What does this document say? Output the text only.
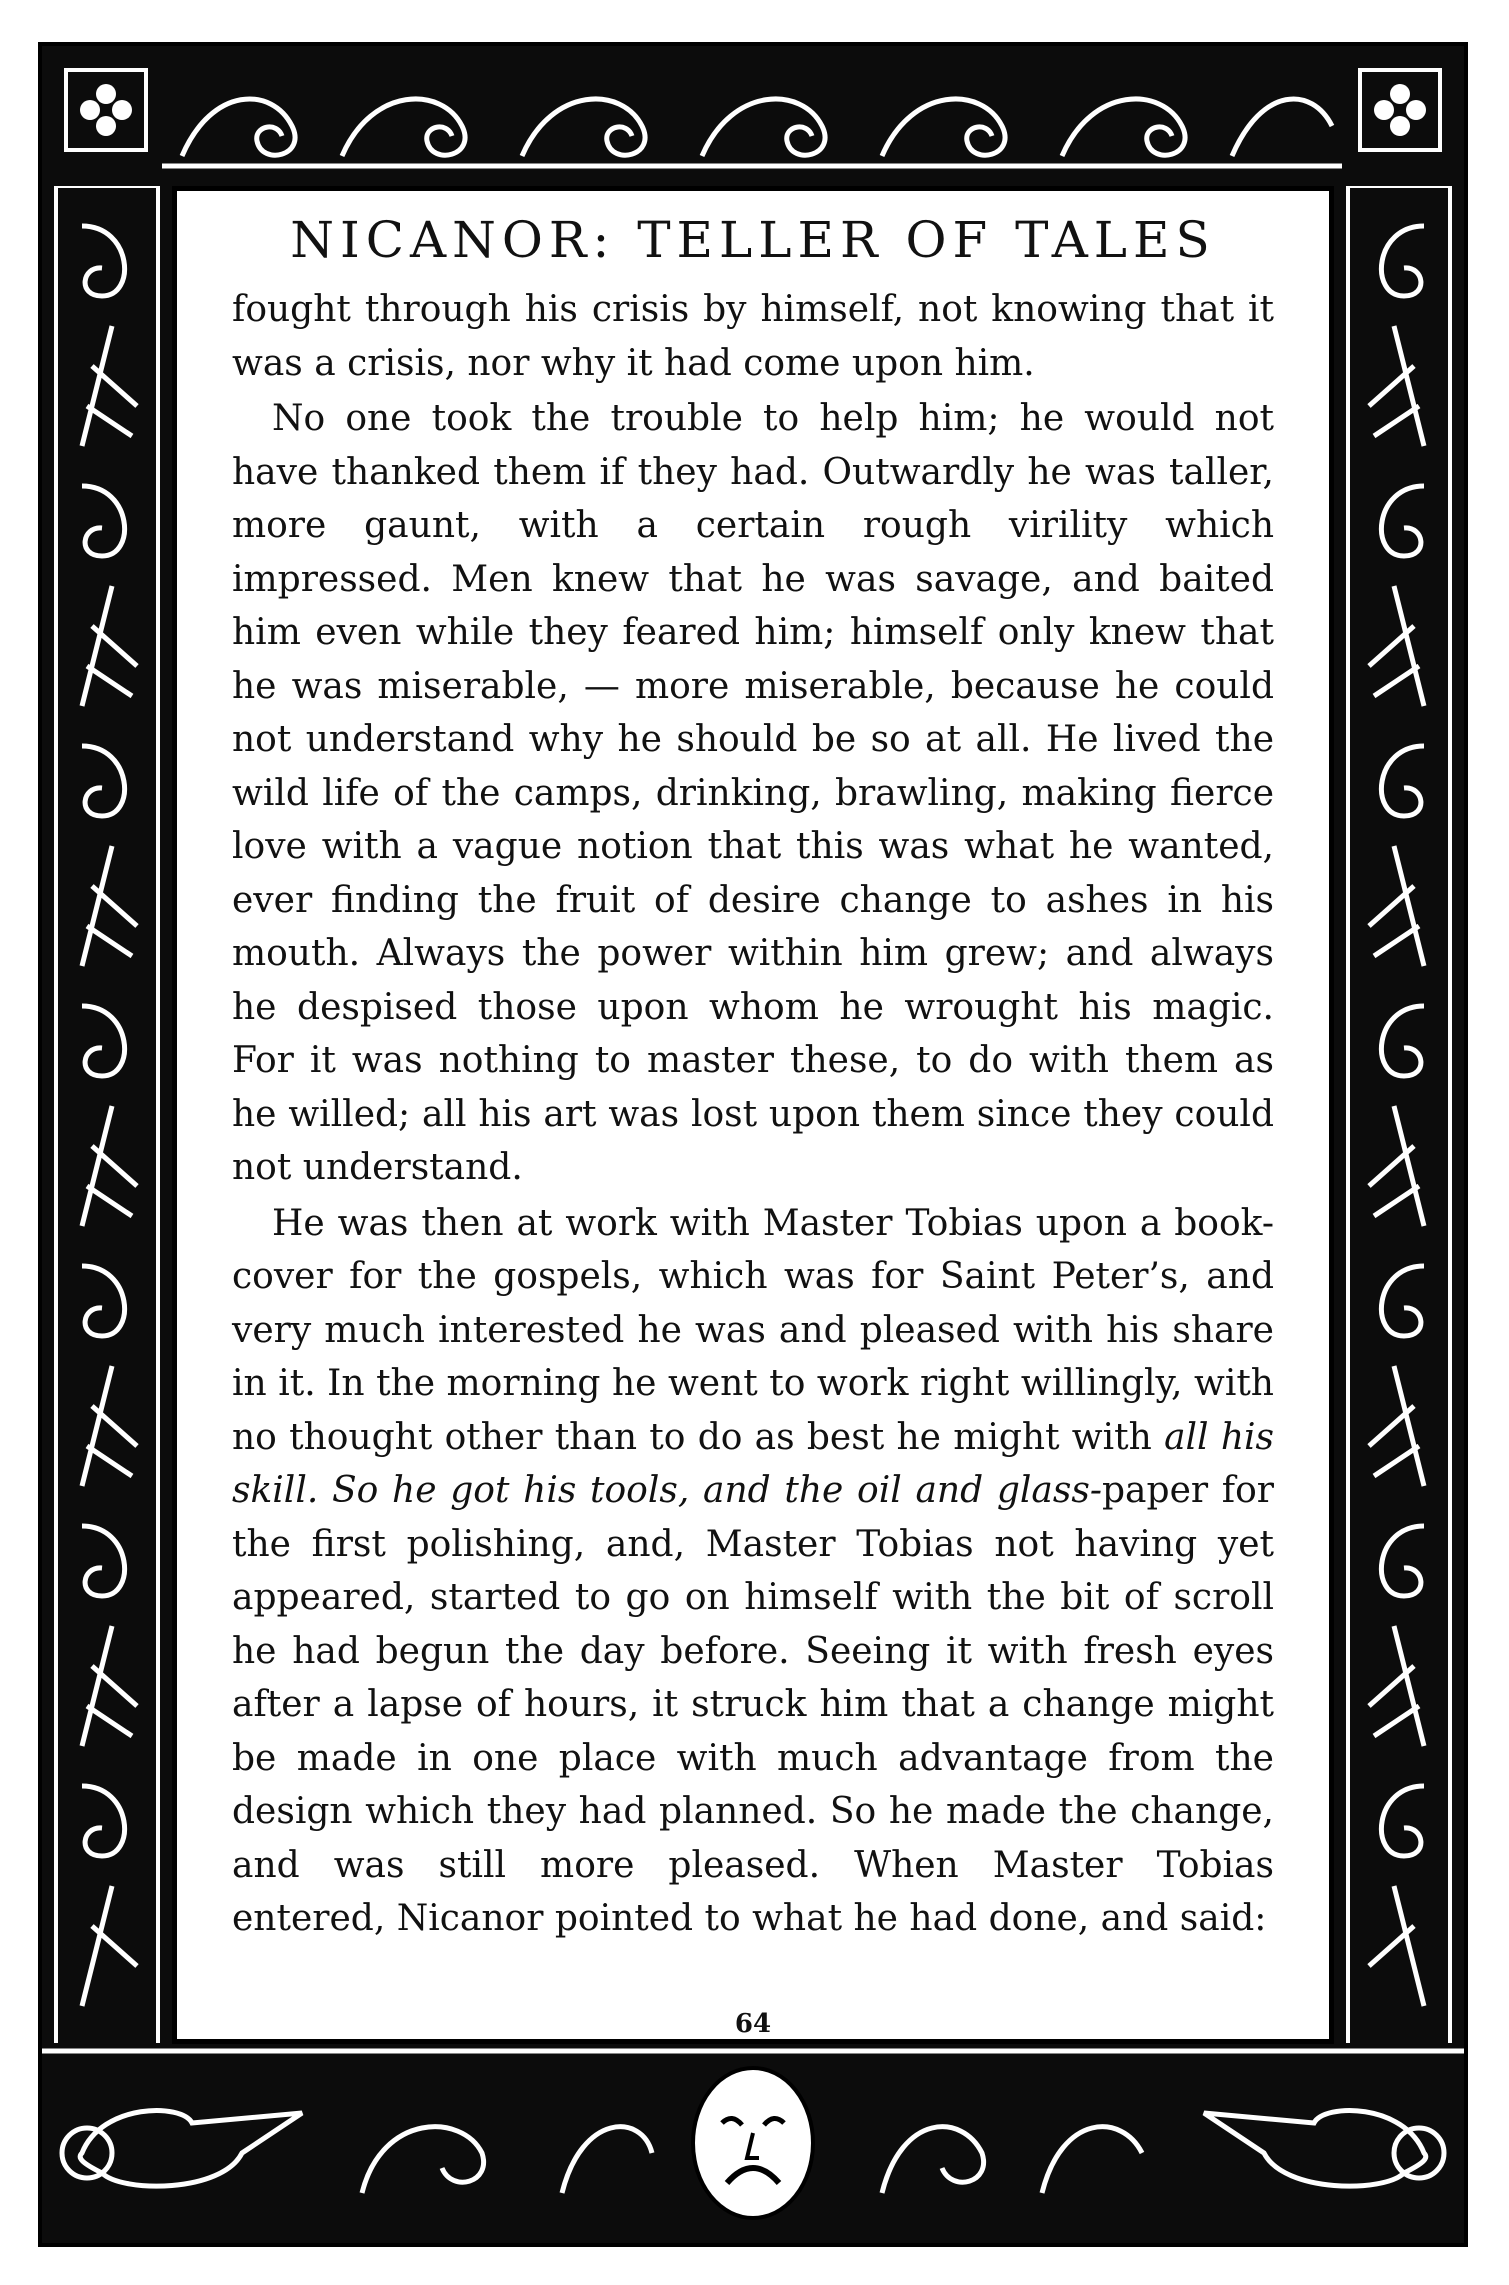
NICANOR: TELLER OF TALES

fought through his crisis by himself, not knowing that it was a crisis, nor why it had come upon him.

No one took the trouble to help him; he would not have thanked them if they had. Outwardly he was taller, more gaunt, with a certain rough virility which impressed. Men knew that he was savage, and baited him even while they feared him; himself only knew that he was miserable, — more miserable, because he could not understand why he should be so at all. He lived the wild life of the camps, drinking, brawling, making fierce love with a vague notion that this was what he wanted, ever finding the fruit of desire change to ashes in his mouth. Always the power within him grew; and always he despised those upon whom he wrought his magic. For it was nothing to master these, to do with them as he willed; all his art was lost upon them since they could not understand.

He was then at work with Master Tobias upon a book-cover for the gospels, which was for Saint Peter’s, and very much interested he was and pleased with his share in it. In the morning he went to work right willingly, with no thought other than to do as best he might with all his skill. So he got his tools, and the oil and glass-paper for the first polishing, and, Master Tobias not having yet appeared, started to go on himself with the bit of scroll he had begun the day before. Seeing it with fresh eyes after a lapse of hours, it struck him that a change might be made in one place with much advantage from the design which they had planned. So he made the change, and was still more pleased. When Master Tobias entered, Nicanor pointed to what he had done, and said:

64
